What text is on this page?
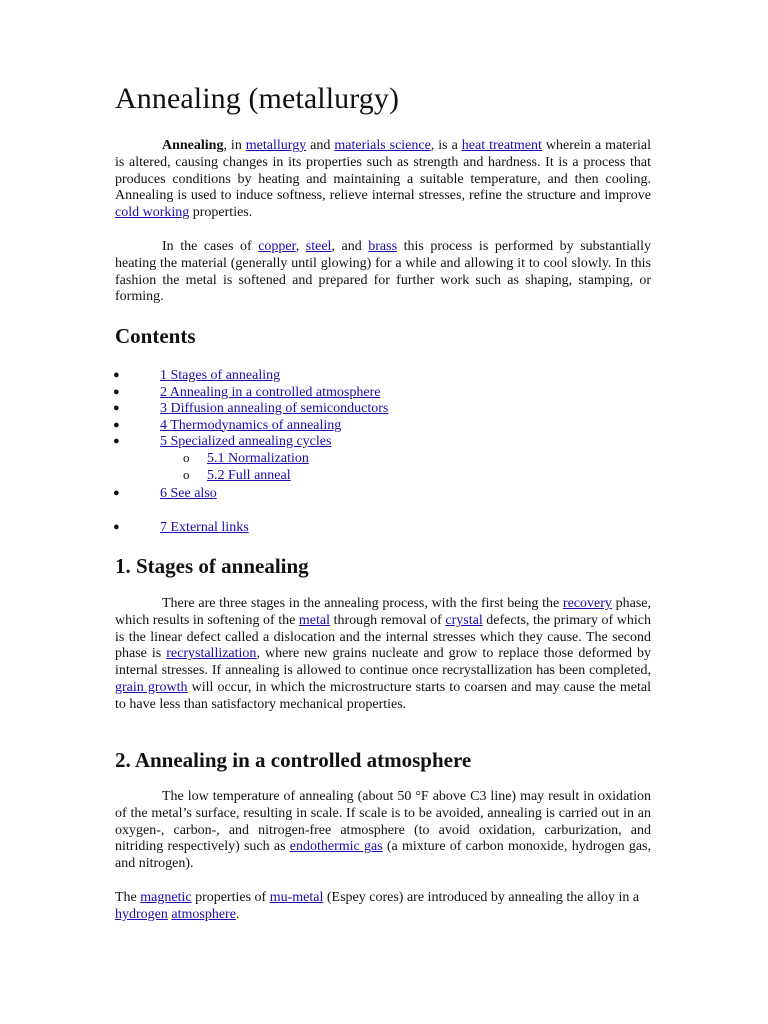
Annealing (metallurgy)

Annealing, in metallurgy and materials science, is a heat treatment wherein a material is altered, causing changes in its properties such as strength and hardness. It is a process that produces conditions by heating and maintaining a suitable temperature, and then cooling. Annealing is used to induce softness, relieve internal stresses, refine the structure and improve cold working properties.

In the cases of copper, steel, and brass this process is performed by substantially heating the material (generally until glowing) for a while and allowing it to cool slowly. In this fashion the metal is softened and prepared for further work such as shaping, stamping, or forming.

Contents
●	1 Stages of annealing
●	2 Annealing in a controlled atmosphere
●	3 Diffusion annealing of semiconductors
●	4 Thermodynamics of annealing
●	5 Specialized annealing cycles
o 5.1 Normalization
o 5.2 Full anneal
●	6 See also
●	7 External links
1. Stages of annealing

There are three stages in the annealing process, with the first being the recovery phase, which results in softening of the metal through removal of crystal defects, the primary of which is the linear defect called a dislocation and the internal stresses which they cause. The second phase is recrystallization, where new grains nucleate and grow to replace those deformed by internal stresses. If annealing is allowed to continue once recrystallization has been completed, grain growth will occur, in which the microstructure starts to coarsen and may cause the metal to have less than satisfactory mechanical properties.

2. Annealing in a controlled atmosphere

The low temperature of annealing (about 50 °F above C3 line) may result in oxidation of the metal’s surface, resulting in scale. If scale is to be avoided, annealing is carried out in an oxygen-, carbon-, and nitrogen-free atmosphere (to avoid oxidation, carburization, and nitriding respectively) such as endothermic gas (a mixture of carbon monoxide, hydrogen gas, and nitrogen).

The magnetic properties of mu-metal (Espey cores) are introduced by annealing the alloy in a hydrogen atmosphere.
